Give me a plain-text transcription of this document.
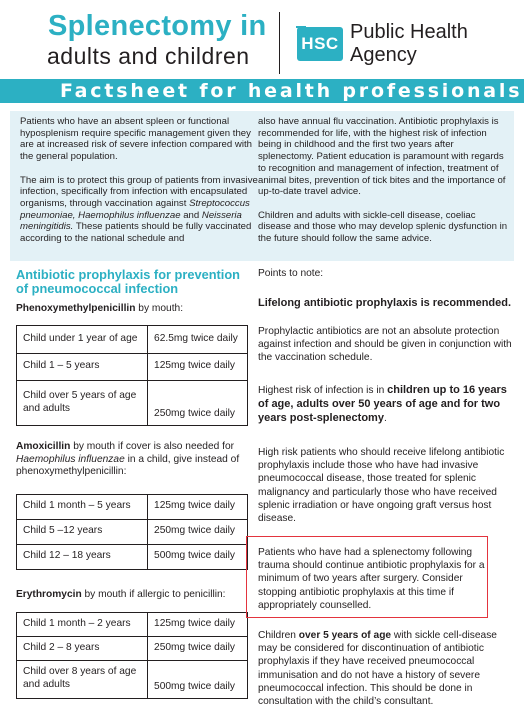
Splenectomy in
adults and children	HSC
Public Health
Agency
Factsheet for health professionals

Patients who have an absent spleen or functional hyposplenism require specific management given they are at increased risk of severe infection compared with the general population.

The aim is to protect this group of patients from invasive infection, specifically from infection with encapsulated organisms, through vaccination against Streptococcus pneumoniae, Haemophilus influenzae and Neisseria meningitidis. These patients should be fully vaccinated according to the national schedule and

also have annual flu vaccination. Antibiotic prophylaxis is recommended for life, with the highest risk of infection being in childhood and the first two years after splenectomy. Patient education is paramount with regards to recognition and management of infection, treatment of animal bites, prevention of tick bites and the importance of up-to-date travel advice.

Children and adults with sickle-cell disease, coeliac disease and those who may develop splenic dysfunction in the future should follow the same advice.

Antibiotic prophylaxis for prevention of pneumococcal infection
Phenoxymethylpenicillin by mouth:
Child under 1 year of age	62.5mg twice daily
Child 1 – 5 years	125mg twice daily
Child over 5 years of age and adults	250mg twice daily
Amoxicillin by mouth if cover is also needed for Haemophilus influenzae in a child, give instead of phenoxymethylpenicillin:
Child 1 month – 5 years	125mg twice daily
Child 5 –12 years	250mg twice daily
Child 12 – 18 years	500mg twice daily
Erythromycin by mouth if allergic to penicillin:
Child 1 month – 2 years	125mg twice daily
Child 2 – 8 years	250mg twice daily
Child over 8 years of age and adults	500mg twice daily
Points to note:
Lifelong antibiotic prophylaxis is recommended.
Prophylactic antibiotics are not an absolute protection against infection and should be given in conjunction with the vaccination schedule.
Highest risk of infection is in children up to 16 years of age, adults over 50 years of age and for two years post-splenectomy.
High risk patients who should receive lifelong antibiotic prophylaxis include those who have had invasive pneumococcal disease, those treated for splenic malignancy and particularly those who have received splenic irradiation or have ongoing graft versus host disease.
Patients who have had a splenectomy following trauma should continue antibiotic prophylaxis for a minimum of two years after surgery. Consider stopping antibiotic prophylaxis at this time if appropriately counselled.
Children over 5 years of age with sickle cell-disease may be considered for discontinuation of antibiotic prophylaxis if they have received pneumococcal immunisation and do not have a history of severe pneumococcal infection. This should be done in consultation with the child’s consultant.
